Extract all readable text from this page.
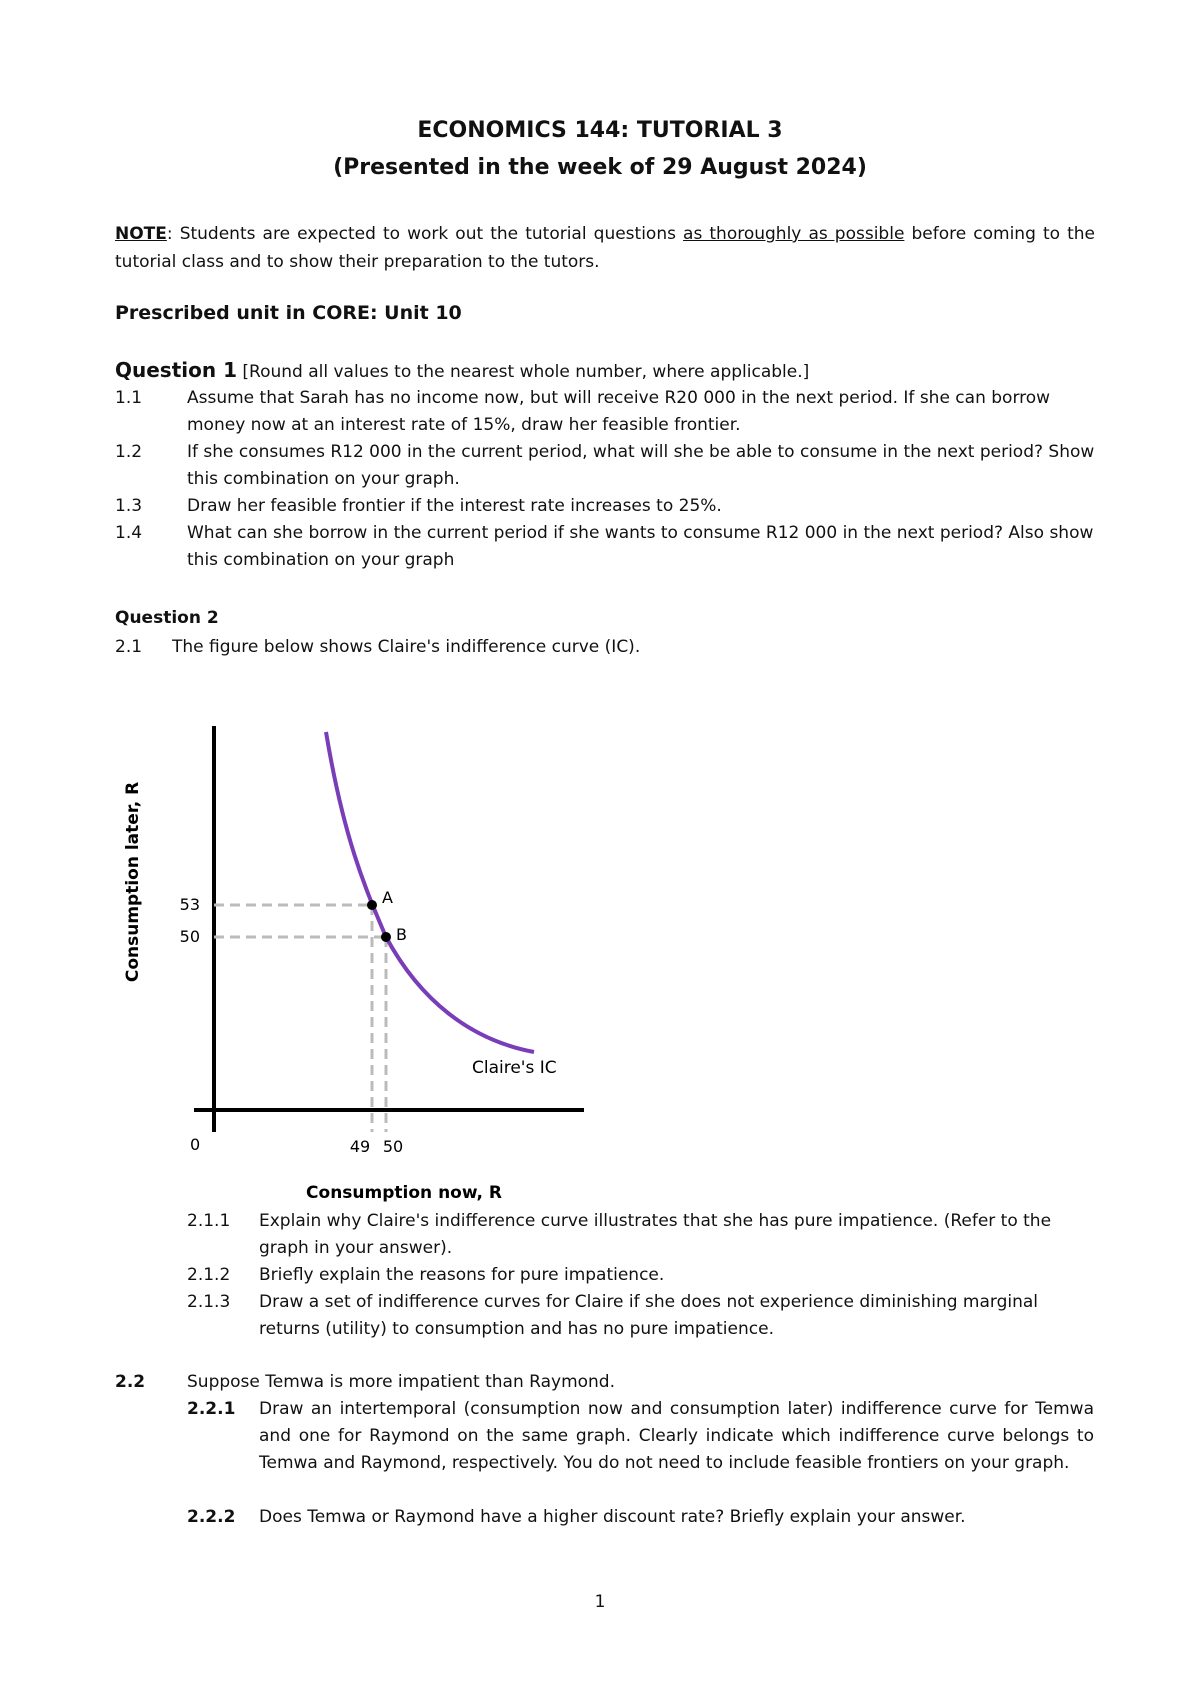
ECONOMICS 144: TUTORIAL 3
(Presented in the week of 29 August 2024)
NOTE: Students are expected to work out the tutorial questions as thoroughly as possible before coming to the tutorial class and to show their preparation to the tutors.
Prescribed unit in CORE: Unit 10
Question 1 [Round all values to the nearest whole number, where applicable.]
1.1	Assume that Sarah has no income now, but will receive R20 000 in the next period. If she can borrow money now at an interest rate of 15%, draw her feasible frontier.
1.2	If she consumes R12 000 in the current period, what will she be able to consume in the next period? Show this combination on your graph.
1.3	Draw her feasible frontier if the interest rate increases to 25%.
1.4	What can she borrow in the current period if she wants to consume R12 000 in the next period? Also show this combination on your graph
Question 2
2.1 The figure below shows Claire's indifference curve (IC).
A
B
53
50
0	49 50
Claire's IC
Consumption now, R
Consumption later, R
2.1.1 Explain why Claire's indifference curve illustrates that she has pure impatience. (Refer to the graph in your answer).
2.1.2 Briefly explain the reasons for pure impatience.
2.1.3 Draw a set of indifference curves for Claire if she does not experience diminishing marginal returns (utility) to consumption and has no pure impatience.
2.2 Suppose Temwa is more impatient than Raymond.
2.2.1 Draw an intertemporal (consumption now and consumption later) indifference curve for Temwa and one for Raymond on the same graph. Clearly indicate which indifference curve belongs to Temwa and Raymond, respectively. You do not need to include feasible frontiers on your graph.
2.2.2 Does Temwa or Raymond have a higher discount rate? Briefly explain your answer.
1
